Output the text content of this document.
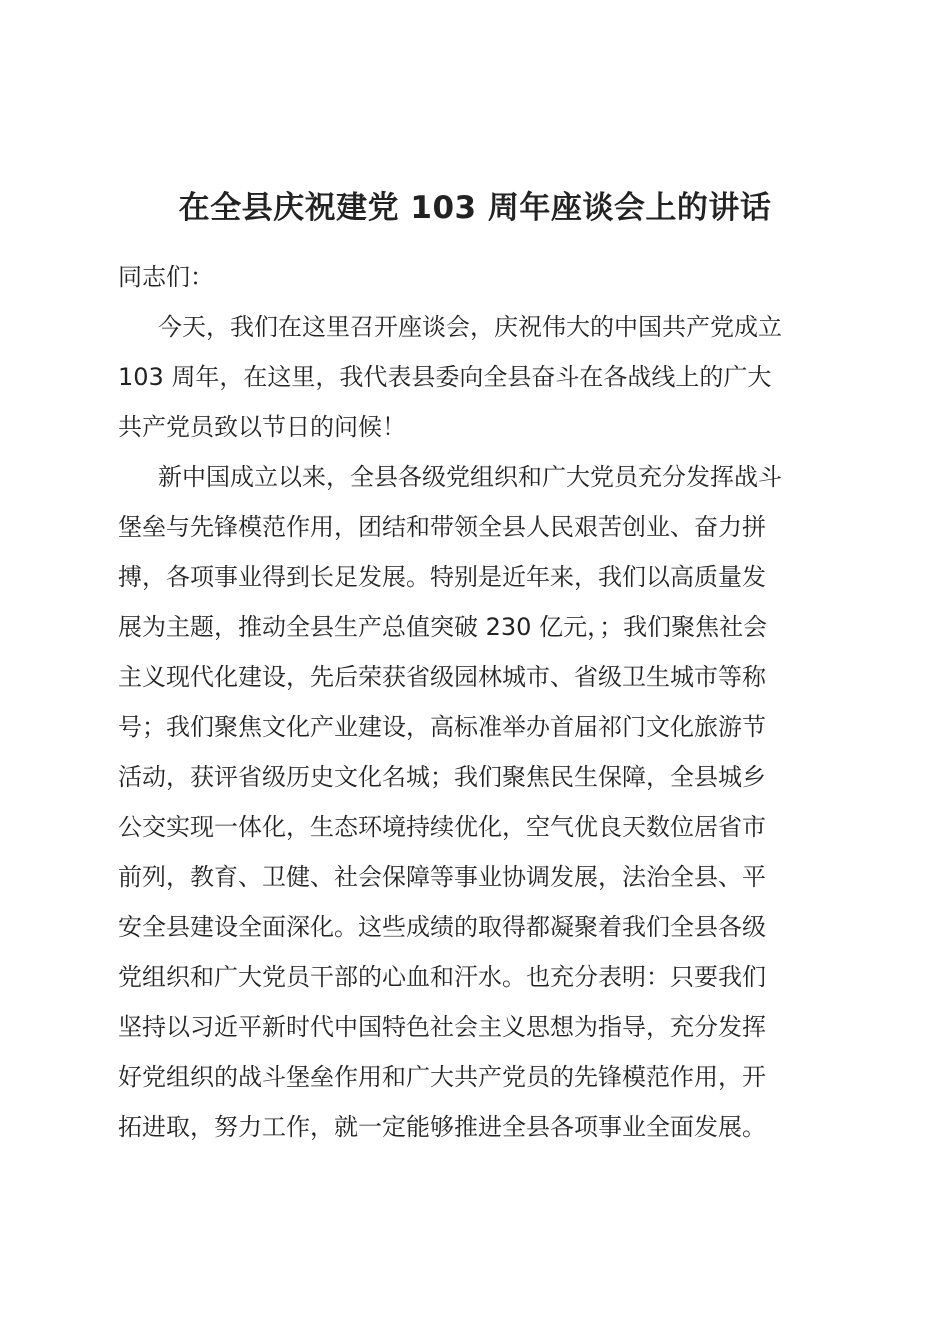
在全县庆祝建党 103 周年座谈会上的讲话
同志们：
今天，我们在这里召开座谈会，庆祝伟大的中国共产党成立
103 周年，在这里，我代表县委向全县奋斗在各战线上的广大
共产党员致以节日的问候！
新中国成立以来，全县各级党组织和广大党员充分发挥战斗
堡垒与先锋模范作用，团结和带领全县人民艰苦创业、奋力拼
搏，各项事业得到长足发展。特别是近年来，我们以高质量发
展为主题，推动全县生产总值突破 230 亿元，；我们聚焦社会
主义现代化建设，先后荣获省级园林城市、省级卫生城市等称
号；我们聚焦文化产业建设，高标准举办首届祁门文化旅游节
活动，获评省级历史文化名城；我们聚焦民生保障，全县城乡
公交实现一体化，生态环境持续优化，空气优良天数位居省市
前列，教育、卫健、社会保障等事业协调发展，法治全县、平
安全县建设全面深化。这些成绩的取得都凝聚着我们全县各级
党组织和广大党员干部的心血和汗水。也充分表明：只要我们
坚持以习近平新时代中国特色社会主义思想为指导，充分发挥
好党组织的战斗堡垒作用和广大共产党员的先锋模范作用，开
拓进取，努力工作，就一定能够推进全县各项事业全面发展。
